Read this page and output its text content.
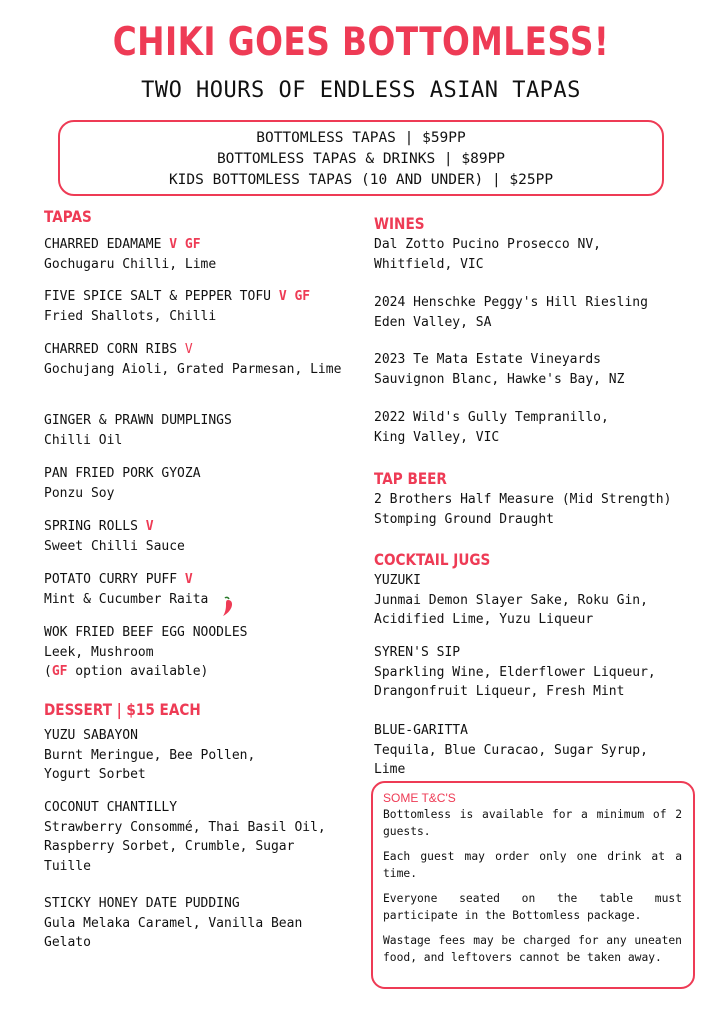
CHIKI GOES BOTTOMLESS!
TWO HOURS OF ENDLESS ASIAN TAPAS
BOTTOMLESS TAPAS | $59PP
BOTTOMLESS TAPAS & DRINKS | $89PP
KIDS BOTTOMLESS TAPAS (10 AND UNDER) | $25PP
TAPAS
CHARRED EDAMAME V GF
Gochugaru Chilli, Lime
FIVE SPICE SALT & PEPPER TOFU V GF
Fried Shallots, Chilli
CHARRED CORN RIBS V
Gochujang Aioli, Grated Parmesan, Lime
GINGER & PRAWN DUMPLINGS
Chilli Oil
PAN FRIED PORK GYOZA
Ponzu Soy
SPRING ROLLS V
Sweet Chilli Sauce
POTATO CURRY PUFF V
Mint & Cucumber Raita
WOK FRIED BEEF EGG NOODLES
Leek, Mushroom
(GF option available)
DESSERT | $15 EACH
YUZU SABAYON
Burnt Meringue, Bee Pollen, Yogurt Sorbet
COCONUT CHANTILLY
Strawberry Consommé, Thai Basil Oil, Raspberry Sorbet, Crumble, Sugar Tuille
STICKY HONEY DATE PUDDING
Gula Melaka Caramel, Vanilla Bean Gelato
WINES
Dal Zotto Pucino Prosecco NV,
Whitfield, VIC
2024 Henschke Peggy's Hill Riesling
Eden Valley, SA
2023 Te Mata Estate Vineyards
Sauvignon Blanc, Hawke's Bay, NZ
2022 Wild's Gully Tempranillo,
King Valley, VIC
TAP BEER
2 Brothers Half Measure (Mid Strength)
Stomping Ground Draught
COCKTAIL JUGS
YUZUKI
Junmai Demon Slayer Sake, Roku Gin, Acidified Lime, Yuzu Liqueur
SYREN'S SIP
Sparkling Wine, Elderflower Liqueur, Drangonfruit Liqueur, Fresh Mint
BLUE-GARITTA
Tequila, Blue Curacao, Sugar Syrup, Lime
SOME T&C'S
Bottomless is available for a minimum of 2 guests.
Each guest may order only one drink at a time.
Everyone seated on the table must participate in the Bottomless package.
Wastage fees may be charged for any uneaten food, and leftovers cannot be taken away.
